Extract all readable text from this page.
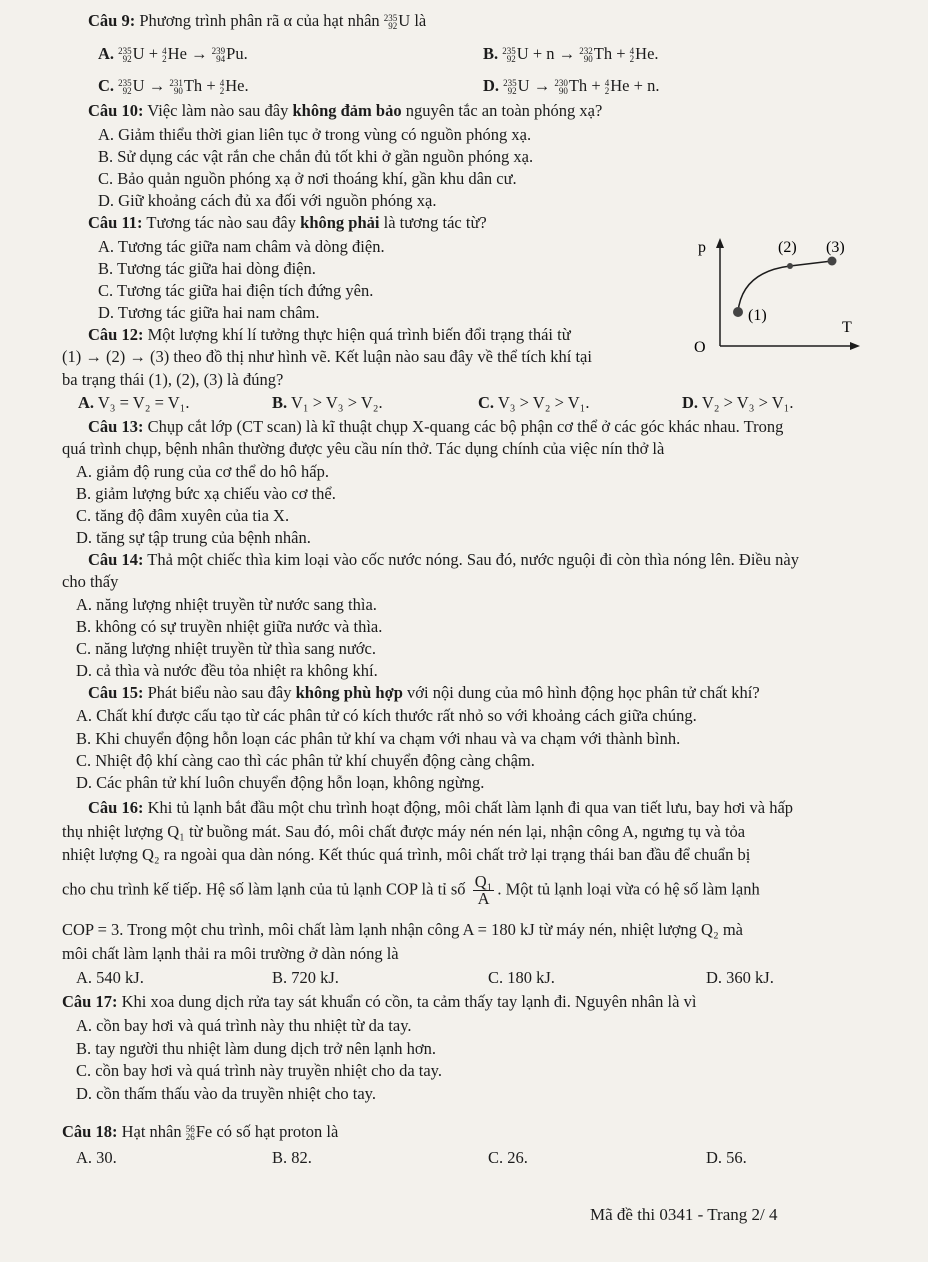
Câu 9: Phương trình phân rã α của hạt nhân 235
92 U là
A. 235
92 U + 4
2 He → 239
94 Pu.	B. 235
92 U + n → 232
90 Th + 4
2 He.
C. 235
92 U → 231
90 Th + 4
2 He.	D. 235
92 U → 230
90 Th + 4
2 He + n.
Câu 10: Việc làm nào sau đây không đảm bảo nguyên tắc an toàn phóng xạ?
A. Giảm thiểu thời gian liên tục ở trong vùng có nguồn phóng xạ.
B. Sử dụng các vật rắn che chắn đủ tốt khi ở gần nguồn phóng xạ.
C. Bảo quản nguồn phóng xạ ở nơi thoáng khí, gần khu dân cư.
D. Giữ khoảng cách đủ xa đối với nguồn phóng xạ.
Câu 11: Tương tác nào sau đây không phải là tương tác từ?
A. Tương tác giữa nam châm và dòng điện.
B. Tương tác giữa hai dòng điện.
C. Tương tác giữa hai điện tích đứng yên.
D. Tương tác giữa hai nam châm.
Câu 12: Một lượng khí lí tưởng thực hiện quá trình biến đổi trạng thái từ
(1) → (2) → (3) theo đồ thị như hình vẽ. Kết luận nào sau đây về thể tích khí tại
ba trạng thái (1), (2), (3) là đúng?
p
T
O
(1)
(2) (3)
A. V₃ = V₂ = V₁.	B. V₁ > V₃ > V₂.	C. V₃ > V₂ > V₁.	D. V₂ > V₃ > V₁.
Câu 13: Chụp cắt lớp (CT scan) là kĩ thuật chụp X-quang các bộ phận cơ thể ở các góc khác nhau. Trong
quá trình chụp, bệnh nhân thường được yêu cầu nín thở. Tác dụng chính của việc nín thở là
A. giảm độ rung của cơ thể do hô hấp.
B. giảm lượng bức xạ chiếu vào cơ thể.
C. tăng độ đâm xuyên của tia X.
D. tăng sự tập trung của bệnh nhân.
Câu 14: Thả một chiếc thìa kim loại vào cốc nước nóng. Sau đó, nước nguội đi còn thìa nóng lên. Điều này
cho thấy
A. năng lượng nhiệt truyền từ nước sang thìa.
B. không có sự truyền nhiệt giữa nước và thìa.
C. năng lượng nhiệt truyền từ thìa sang nước.
D. cả thìa và nước đều tỏa nhiệt ra không khí.
Câu 15: Phát biểu nào sau đây không phù hợp với nội dung của mô hình động học phân tử chất khí?
A. Chất khí được cấu tạo từ các phân tử có kích thước rất nhỏ so với khoảng cách giữa chúng.
B. Khi chuyển động hỗn loạn các phân tử khí va chạm với nhau và va chạm với thành bình.
C. Nhiệt độ khí càng cao thì các phân tử khí chuyển động càng chậm.
D. Các phân tử khí luôn chuyển động hỗn loạn, không ngừng.
Câu 16: Khi tủ lạnh bắt đầu một chu trình hoạt động, môi chất làm lạnh đi qua van tiết lưu, bay hơi và hấp
thụ nhiệt lượng Q₁ từ buồng mát. Sau đó, môi chất được máy nén nén lại, nhận công A, ngưng tụ và tỏa
nhiệt lượng Q₂ ra ngoài qua dàn nóng. Kết thúc quá trình, môi chất trở lại trạng thái ban đầu để chuẩn bị
cho chu trình kế tiếp. Hệ số làm lạnh của tủ lạnh COP là tỉ số $\frac{\text{Q₁}}{A}$ . Một tủ lạnh loại vừa có hệ số làm lạnh
COP = 3. Trong một chu trình, môi chất làm lạnh nhận công A = 180 kJ từ máy nén, nhiệt lượng Q₂ mà
môi chất làm lạnh thải ra môi trường ở dàn nóng là
A. 540 kJ.	B. 720 kJ.	C. 180 kJ.	D. 360 kJ.
Câu 17: Khi xoa dung dịch rửa tay sát khuẩn có cồn, ta cảm thấy tay lạnh đi. Nguyên nhân là vì
A. cồn bay hơi và quá trình này thu nhiệt từ da tay.
B. tay người thu nhiệt làm dung dịch trở nên lạnh hơn.
C. cồn bay hơi và quá trình này truyền nhiệt cho da tay.
D. cồn thấm thấu vào da truyền nhiệt cho tay.
Câu 18: Hạt nhân 56
26 Fe có số hạt proton là
A. 30.	B. 82.	C. 26.	D. 56.
Mã đề thi 0341 - Trang 2/ 4
